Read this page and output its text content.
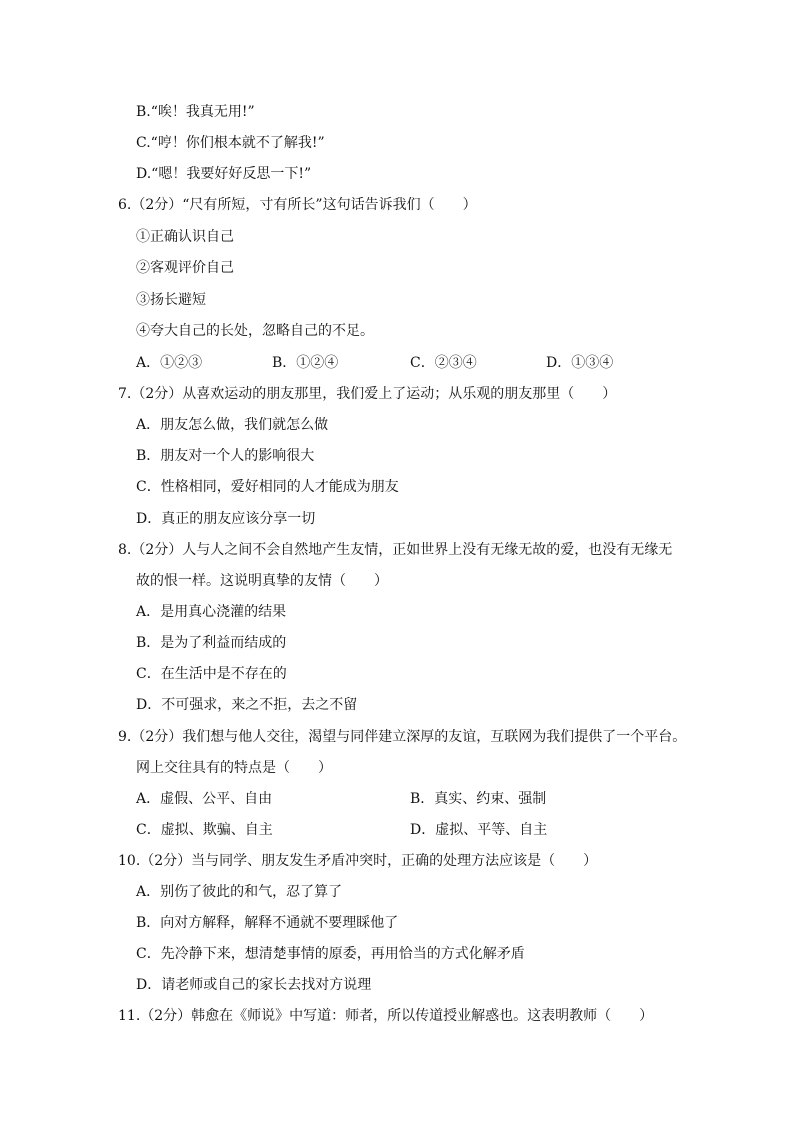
B.“唉！我真无用!”
C.“哼！你们根本就不了解我!”
D.“嗯！我要好好反思一下!”
6.（2分）“尺有所短，寸有所长”这句话告诉我们（　　）
①正确认识自己
②客观评价自己
③扬长避短
④夸大自己的长处，忽略自己的不足。
A．①②③	B．①②④	C．②③④	D．①③④
7.（2分）从喜欢运动的朋友那里，我们爱上了运动；从乐观的朋友那里（　　）
A．朋友怎么做，我们就怎么做
B．朋友对一个人的影响很大
C．性格相同，爱好相同的人才能成为朋友
D．真正的朋友应该分享一切
8.（2分）人与人之间不会自然地产生友情，正如世界上没有无缘无故的爱，也没有无缘无
故的恨一样。这说明真挚的友情（　　）
A．是用真心浇灌的结果
B．是为了利益而结成的
C．在生活中是不存在的
D．不可强求，来之不拒，去之不留
9.（2分）我们想与他人交往，渴望与同伴建立深厚的友谊，互联网为我们提供了一个平台。
网上交往具有的特点是（　　）
A．虚假、公平、自由	B．真实、约束、强制
C．虚拟、欺骗、自主	D．虚拟、平等、自主
10.（2分）当与同学、朋友发生矛盾冲突时，正确的处理方法应该是（　　）
A．别伤了彼此的和气，忍了算了
B．向对方解释，解释不通就不要理睬他了
C．先冷静下来，想清楚事情的原委，再用恰当的方式化解矛盾
D．请老师或自己的家长去找对方说理
11.（2分）韩愈在《师说》中写道：师者，所以传道授业解惑也。这表明教师（　　）
